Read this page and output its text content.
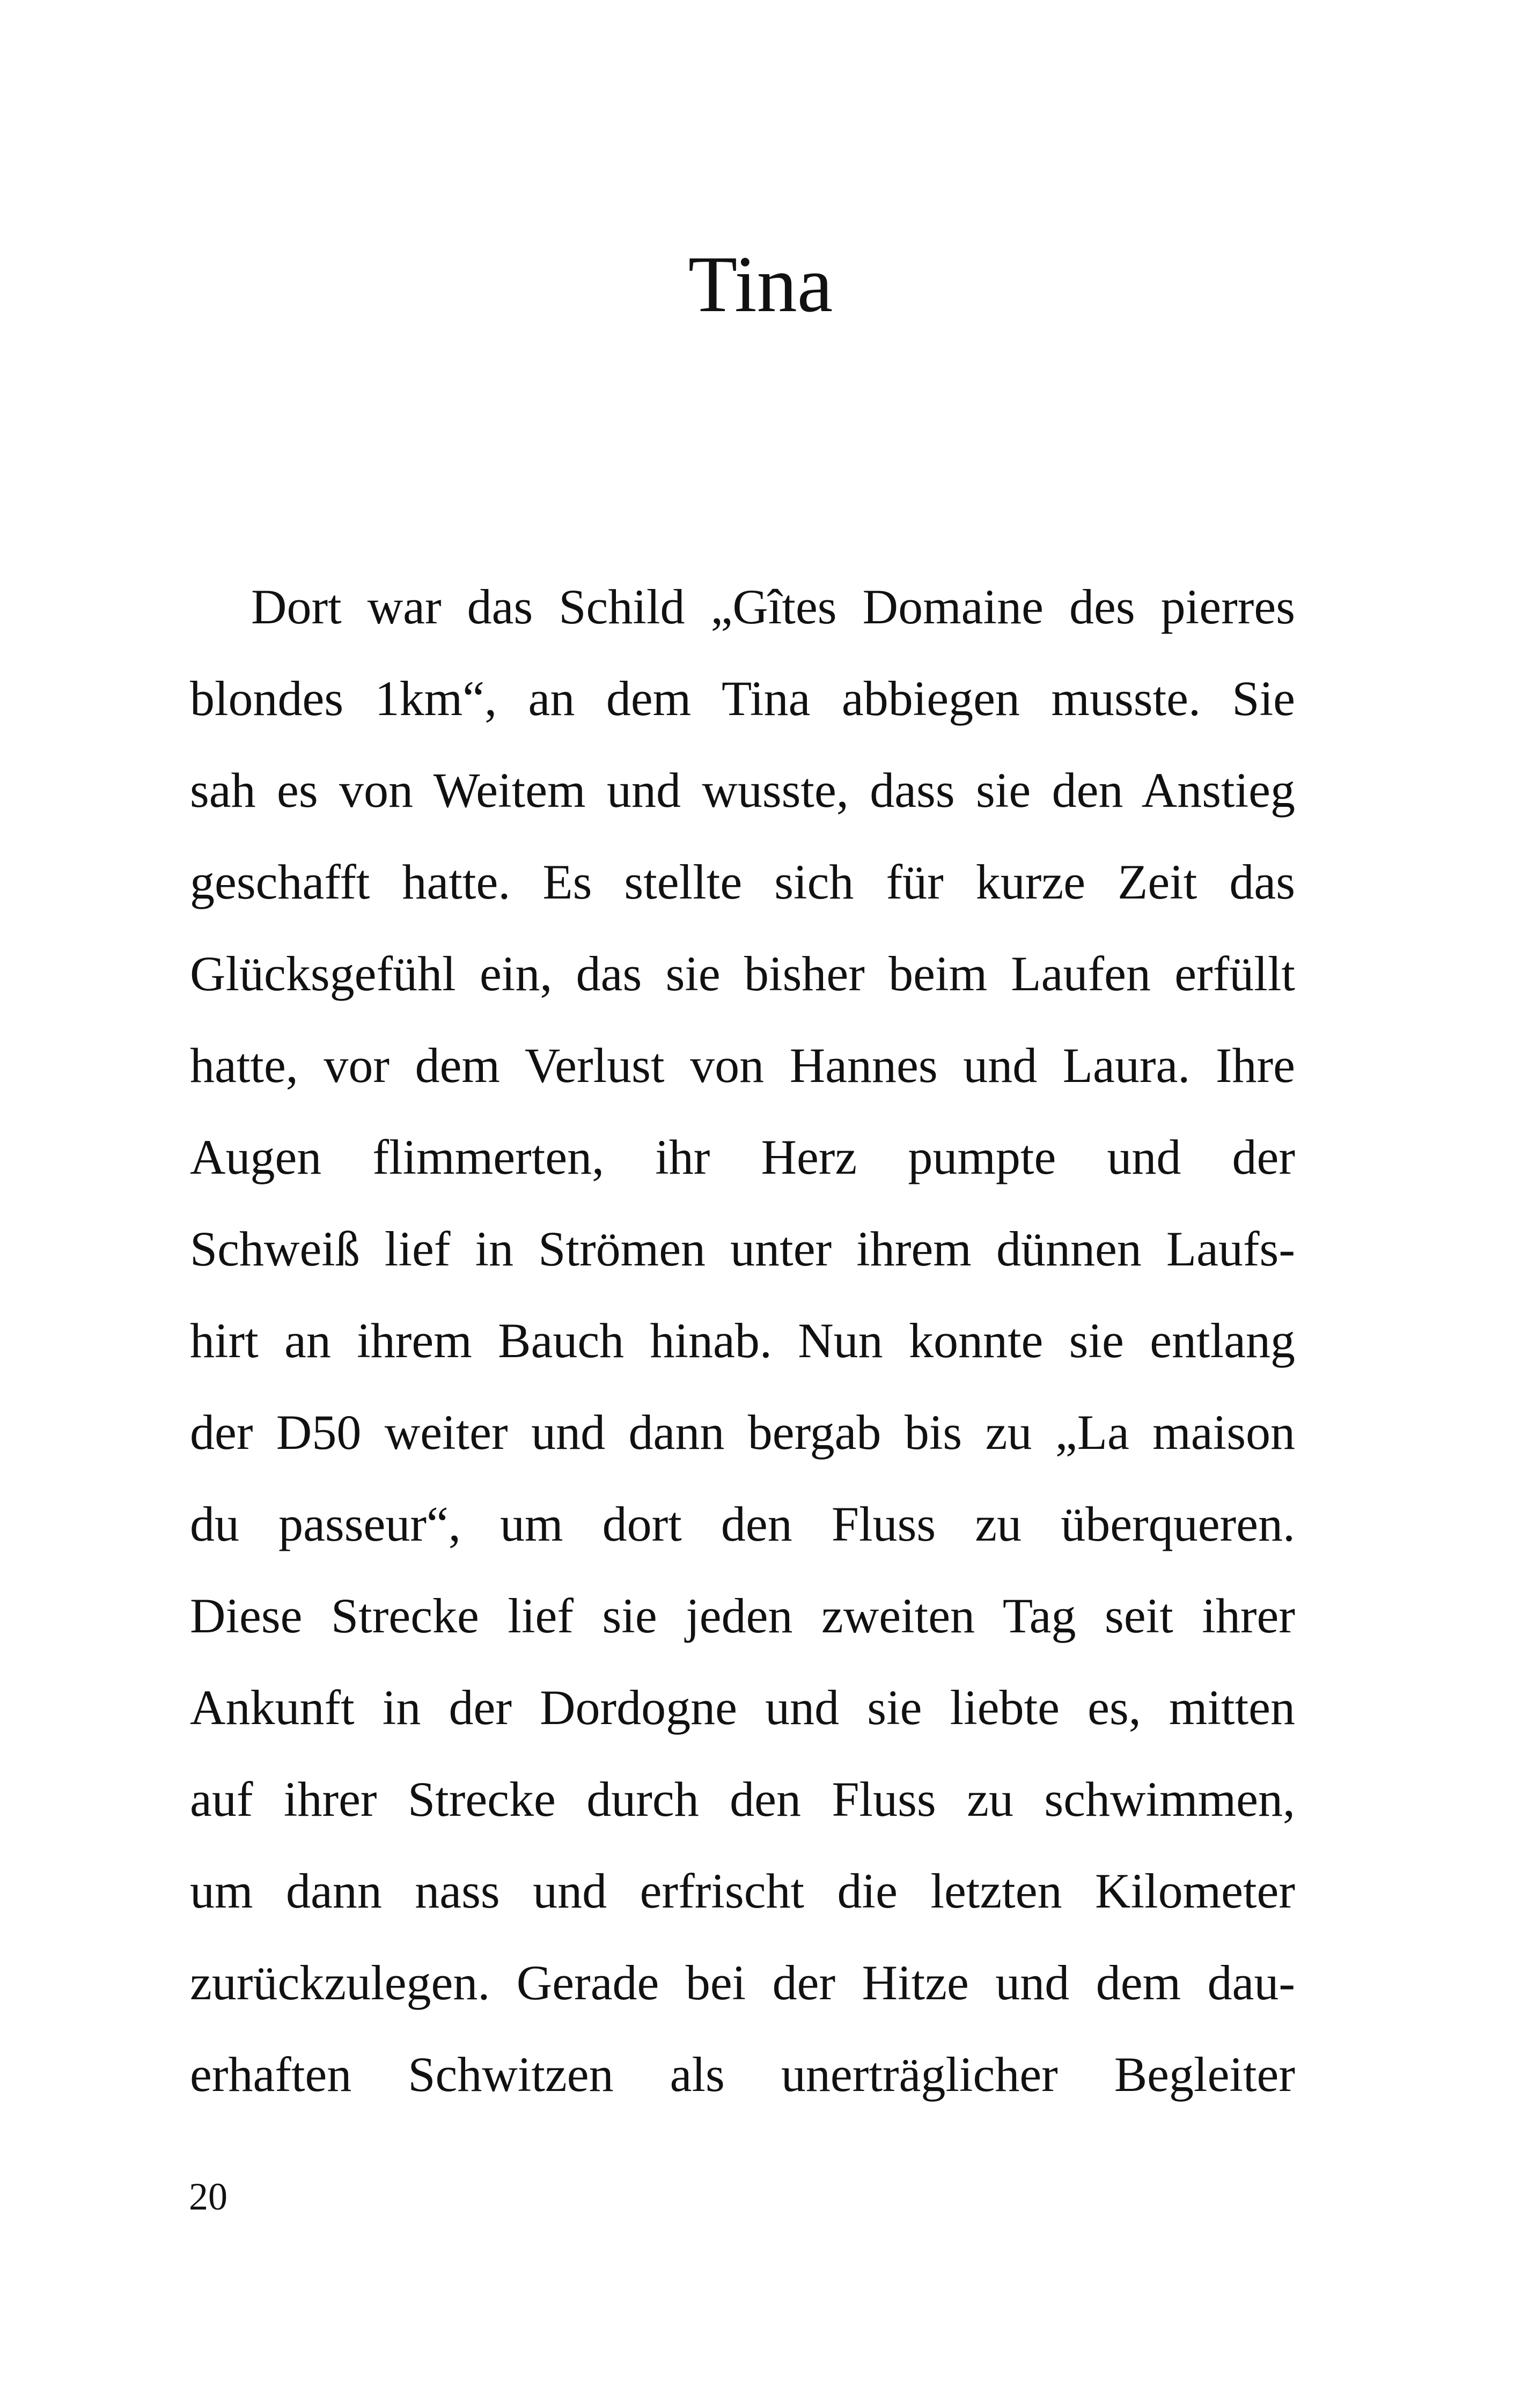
Tina
Dort war das Schild „Gîtes Domaine des pierres
blondes 1km“, an dem Tina abbiegen musste. Sie
sah es von Weitem und wusste, dass sie den Anstieg
geschafft hatte. Es stellte sich für kurze Zeit das
Glücksgefühl ein, das sie bisher beim Laufen erfüllt
hatte, vor dem Verlust von Hannes und Laura. Ihre
Augen flimmerten, ihr Herz pumpte und der
Schweiß lief in Strömen unter ihrem dünnen Laufs-
hirt an ihrem Bauch hinab. Nun konnte sie entlang
der D50 weiter und dann bergab bis zu „La maison
du passeur“, um dort den Fluss zu überqueren.
Diese Strecke lief sie jeden zweiten Tag seit ihrer
Ankunft in der Dordogne und sie liebte es, mitten
auf ihrer Strecke durch den Fluss zu schwimmen,
um dann nass und erfrischt die letzten Kilometer
zurückzulegen. Gerade bei der Hitze und dem dau-
erhaften Schwitzen als unerträglicher Begleiter
20
